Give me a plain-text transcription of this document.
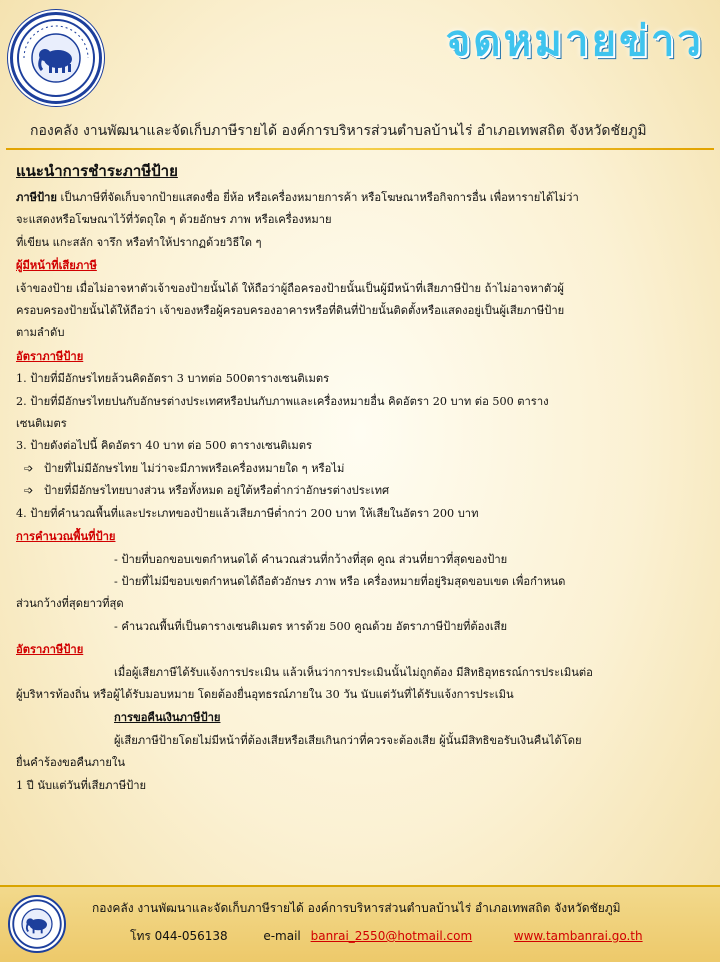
จดหมายข่าว
กองคลัง งานพัฒนาและจัดเก็บภาษีรายได้ องค์การบริหารส่วนตำบลบ้านไร่ อำเภอเทพสถิต จังหวัดชัยภูมิ

แนะนำการชำระภาษีป้าย

ภาษีป้าย เป็นภาษีที่จัดเก็บจากป้ายแสดงชื่อ ยี่ห้อ หรือเครื่องหมายการค้า หรือโฆษณาหรือกิจการอื่น เพื่อหารายได้ไม่ว่า

จะแสดงหรือโฆษณาไว้ที่วัตถุใด ๆ ด้วยอักษร ภาพ หรือเครื่องหมาย

ที่เขียน แกะสลัก จารึก หรือทำให้ปรากฏด้วยวิธีใด ๆ

ผู้มีหน้าที่เสียภาษี

เจ้าของป้าย เมื่อไม่อาจหาตัวเจ้าของป้ายนั้นได้ ให้ถือว่าผู้ถือครองป้ายนั้นเป็นผู้มีหน้าที่เสียภาษีป้าย ถ้าไม่อาจหาตัวผู้

ครอบครองป้ายนั้นได้ให้ถือว่า เจ้าของหรือผู้ครอบครองอาคารหรือที่ดินที่ป้ายนั้นติดตั้งหรือแสดงอยู่เป็นผู้เสียภาษีป้าย

ตามลำดับ

อัตราภาษีป้าย

1. ป้ายที่มีอักษรไทยล้วนคิดอัตรา 3 บาทต่อ 500ตารางเซนติเมตร

2. ป้ายที่มีอักษรไทยปนกับอักษรต่างประเทศหรือปนกับภาพและเครื่องหมายอื่น คิดอัตรา 20 บาท ต่อ 500 ตาราง

เซนติเมตร

3. ป้ายดังต่อไปนี้ คิดอัตรา 40 บาท ต่อ 500 ตารางเซนติเมตร

➩ ป้ายที่ไม่มีอักษรไทย ไม่ว่าจะมีภาพหรือเครื่องหมายใด ๆ หรือไม่

➩ ป้ายที่มีอักษรไทยบางส่วน หรือทั้งหมด อยู่ใต้หรือต่ำกว่าอักษรต่างประเทศ

4. ป้ายที่คำนวณพื้นที่และประเภทของป้ายแล้วเสียภาษีต่ำกว่า 200 บาท ให้เสียในอัตรา 200 บาท

การคำนวณพื้นที่ป้าย

- ป้ายที่บอกขอบเขตกำหนดได้ คำนวณส่วนที่กว้างที่สุด คูณ ส่วนที่ยาวที่สุดของป้าย

- ป้ายที่ไม่มีขอบเขตกำหนดได้ถือตัวอักษร ภาพ หรือ เครื่องหมายที่อยู่ริมสุดขอบเขต เพื่อกำหนด

ส่วนกว้างที่สุดยาวที่สุด

- คำนวณพื้นที่เป็นตารางเซนติเมตร หารด้วย 500 คูณด้วย อัตราภาษีป้ายที่ต้องเสีย

อัตราภาษีป้าย

เมื่อผู้เสียภาษีได้รับแจ้งการประเมิน แล้วเห็นว่าการประเมินนั้นไม่ถูกต้อง มีสิทธิอุทธรณ์การประเมินต่อ

ผู้บริหารท้องถิ่น หรือผู้ได้รับมอบหมาย โดยต้องยื่นอุทธรณ์ภายใน 30 วัน นับแต่วันที่ได้รับแจ้งการประเมิน

การขอคืนเงินภาษีป้าย

ผู้เสียภาษีป้ายโดยไม่มีหน้าที่ต้องเสียหรือเสียเกินกว่าที่ควรจะต้องเสีย ผู้นั้นมีสิทธิขอรับเงินคืนได้โดย

ยื่นคำร้องขอคืนภายใน

1 ปี นับแต่วันที่เสียภาษีป้าย

กองคลัง งานพัฒนาและจัดเก็บภาษีรายได้ องค์การบริหารส่วนตำบลบ้านไร่ อำเภอเทพสถิต จังหวัดชัยภูมิ
โทร 044-056138	e-mail banrai_2550@hotmail.com	www.tambanrai.go.th
